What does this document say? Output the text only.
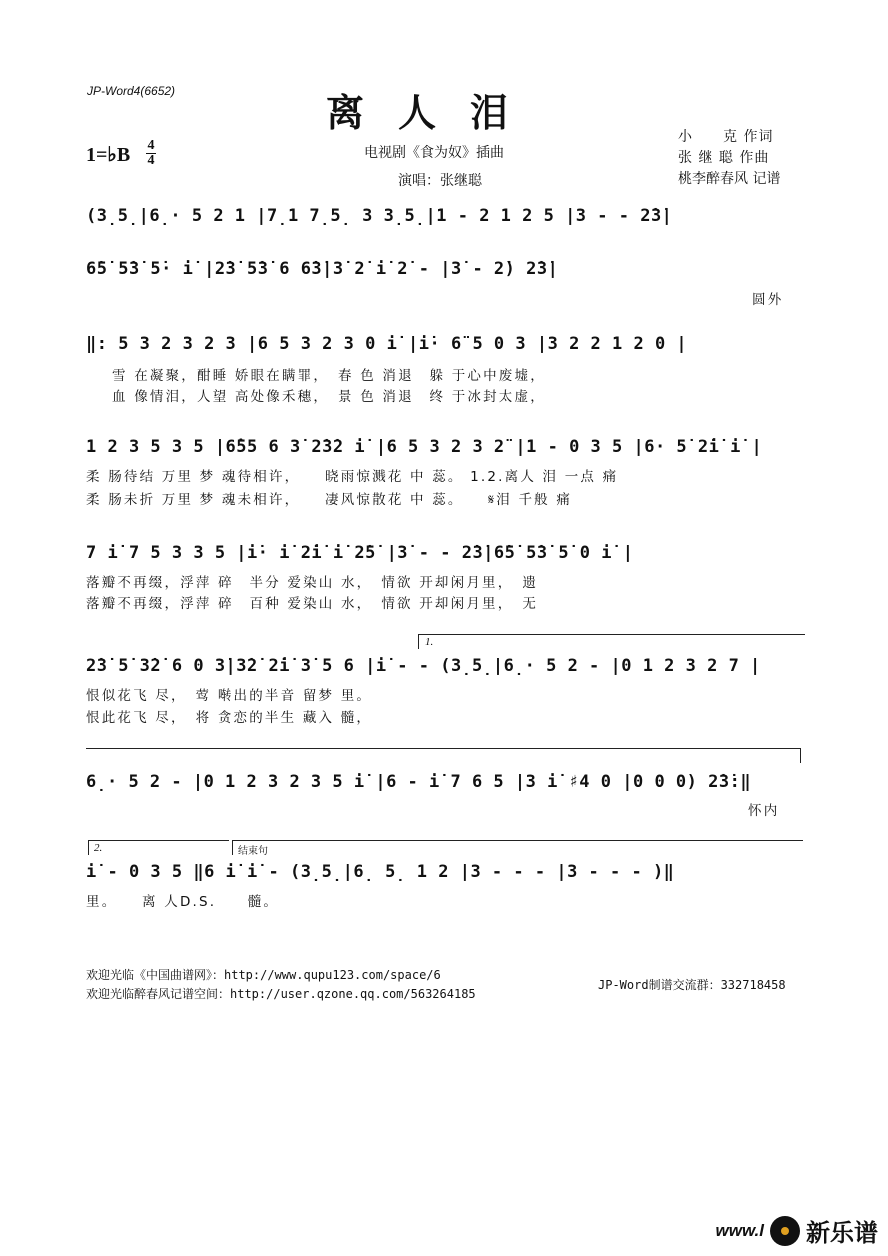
JP-Word4(6652)	离人泪
1=♭B 4
4	电视剧《食为奴》插曲
演唱：张继聪
小　　克 作词
张 继 聪 作曲
桃李醉春风 记谱
(3̣5̣|6̣· 5 2 1 |7̣1 7̣5̣ 3 3̣5̣|1 - 2 1 2 5 |3 - - 2̇3̇|
6̇5̇ 5̇3̇ 5̇· i̇ |2̇3̇ 5̇3̇ 6 6̇3̇|3̇ 2̇ i̇ 2̇ - |3̇ - 2̇) 2̇3̇|
圆外
‖: 5 3 2 3 2 3 |6 5 3 2 3 0 i̇ |i̇· 6̈ 5 0 3 |3 2 2 1 2 0 |
雪 在凝聚，酣睡 娇眼在瞒罪，　春 色 消退　躲 于心中废墟，
血 像情泪，人望 高处像禾穗，　景 色 消退　终 于冰封太虚，
1 2 3 5 3 5 |6̂55 6 3̇ 2̇3̇2 i̇ |6 5 3 2 3 2̈ |1 - 0 3 5 |6· 5̇ 2̇i̇ i̇ |
柔 肠待结 万里 梦 魂待相许，　　晓雨惊溅花 中 蕊。 1.2.离人 泪 一点 痛
柔 肠未折 万里 梦 魂未相许，　　凄风惊散花 中 蕊。　　𝄋泪 千般 痛
7 i̇ 7 5 3 3 5 |i̇· i̇ 2̇i̇ i̇ 2̇5̇ |3̇ - - 2̇3̇|6̇5̇ 5̇3̇ 5̇ 0 i̇ |
落瓣不再缀，浮萍 碎　半分 爱染山 水，　情欲 开却闲月里，　遗
落瓣不再缀，浮萍 碎　百种 爱染山 水，　情欲 开却闲月里，　无
1.
2̇3̇ 5̇ 3̇2̇ 6 0 3̇|3̇2̇ 2̇i̇ 3̇ 5 6 |i̇ - - (3̣5̣|6̣· 5 2 - |0 1 2 3 2 7 |
恨似花飞 尽，　莺 啭出的半音 留梦 里。
恨此花飞 尽，　将 贪恋的半生 藏入 髓，
6̣· 5 2 - |0 1 2 3 2 3 5 i̇ |6 - i̇ 7 6 5 |3 i̇ ♯4 0 |0 0 0) 2̇3̇:‖
怀内
2.	结束句
i̇ - 0 3 5 ‖6 i̇ i̇ - (3̣5̣|6̣ 5̣ 1 2 |3 - - - |3 - - - )‖
里。　　离 人D.S.　　髓。
欢迎光临《中国曲谱网》：http://www.qupu123.com/space/6
欢迎光临醉春风记谱空间：http://user.qzone.qq.com/563264185
JP-Word制谱交流群：332718458
www.l 新乐谱
